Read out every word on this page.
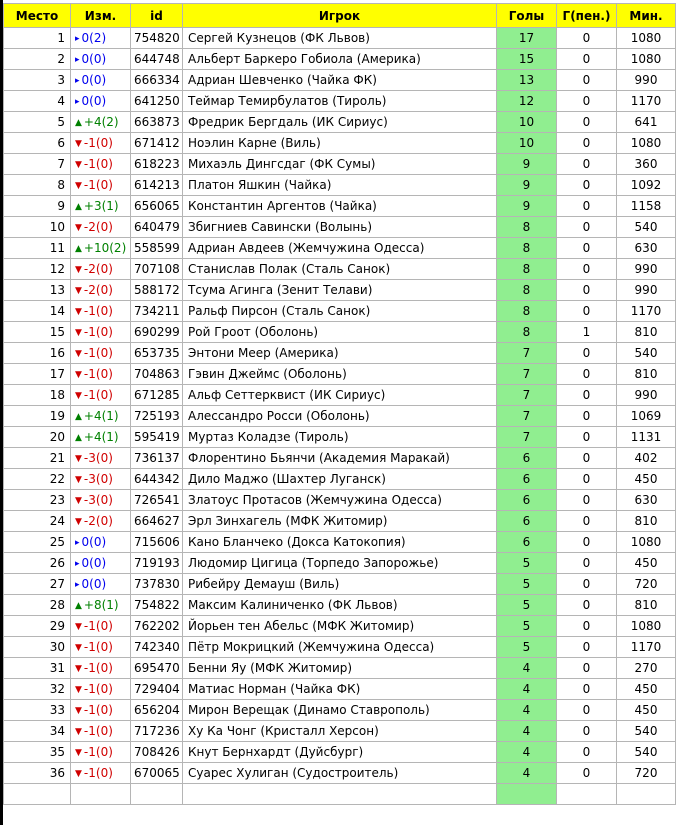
Место	Изм.	id	Игрок	Голы	Г(пен.)	Мин.
1	▸ 0(2)	754820	Сергей Кузнецов (ФК Львов)	17	0	1080
2	▸ 0(0)	644748	Альберт Баркеро Гобиола (Америка)	15	0	1080
3	▸ 0(0)	666334	Адриан Шевченко (Чайка ФК)	13	0	990
4	▸ 0(0)	641250	Теймар Темирбулатов (Тироль)	12	0	1170
5	▲ +4(2)	663873	Фредрик Бергдаль (ИК Сириус)	10	0	641
6	▼ -1(0)	671412	Ноэлин Карне (Виль)	10	0	1080
7	▼ -1(0)	618223	Михаэль Дингсдаг (ФК Сумы)	9	0	360
8	▼ -1(0)	614213	Платон Яшкин (Чайка)	9	0	1092
9	▲ +3(1)	656065	Константин Аргентов (Чайка)	9	0	1158
10	▼ -2(0)	640479	Збигниев Савински (Волынь)	8	0	540
11	▲ +10(2)	558599	Адриан Авдеев (Жемчужина Одесса)	8	0	630
12	▼ -2(0)	707108	Станислав Полак (Сталь Санок)	8	0	990
13	▼ -2(0)	588172	Тсума Агинга (Зенит Телави)	8	0	990
14	▼ -1(0)	734211	Ральф Пирсон (Сталь Санок)	8	0	1170
15	▼ -1(0)	690299	Рой Гроот (Оболонь)	8	1	810
16	▼ -1(0)	653735	Энтони Меер (Америка)	7	0	540
17	▼ -1(0)	704863	Гэвин Джеймс (Оболонь)	7	0	810
18	▼ -1(0)	671285	Альф Сеттерквист (ИК Сириус)	7	0	990
19	▲ +4(1)	725193	Алессандро Росси (Оболонь)	7	0	1069
20	▲ +4(1)	595419	Муртаз Коладзе (Тироль)	7	0	1131
21	▼ -3(0)	736137	Флорентино Бьянчи (Академия Маракай)	6	0	402
22	▼ -3(0)	644342	Дило Маджо (Шахтер Луганск)	6	0	450
23	▼ -3(0)	726541	Златоус Протасов (Жемчужина Одесса)	6	0	630
24	▼ -2(0)	664627	Эрл Зинхагель (МФК Житомир)	6	0	810
25	▸ 0(0)	715606	Кано Бланчеко (Докса Катокопия)	6	0	1080
26	▸ 0(0)	719193	Людомир Цигица (Торпедо Запорожье)	5	0	450
27	▸ 0(0)	737830	Рибейру Демауш (Виль)	5	0	720
28	▲ +8(1)	754822	Максим Калиниченко (ФК Львов)	5	0	810
29	▼ -1(0)	762202	Йорьен тен Абельс (МФК Житомир)	5	0	1080
30	▼ -1(0)	742340	Пётр Мокрицкий (Жемчужина Одесса)	5	0	1170
31	▼ -1(0)	695470	Бенни Яу (МФК Житомир)	4	0	270
32	▼ -1(0)	729404	Матиас Норман (Чайка ФК)	4	0	450
33	▼ -1(0)	656204	Мирон Верещак (Динамо Ставрополь)	4	0	450
34	▼ -1(0)	717236	Ху Ка Чонг (Кристалл Херсон)	4	0	540
35	▼ -1(0)	708426	Кнут Бернхардт (Дуйсбург)	4	0	540
36	▼ -1(0)	670065	Суарес Хулиган (Судостроитель)	4	0	720
